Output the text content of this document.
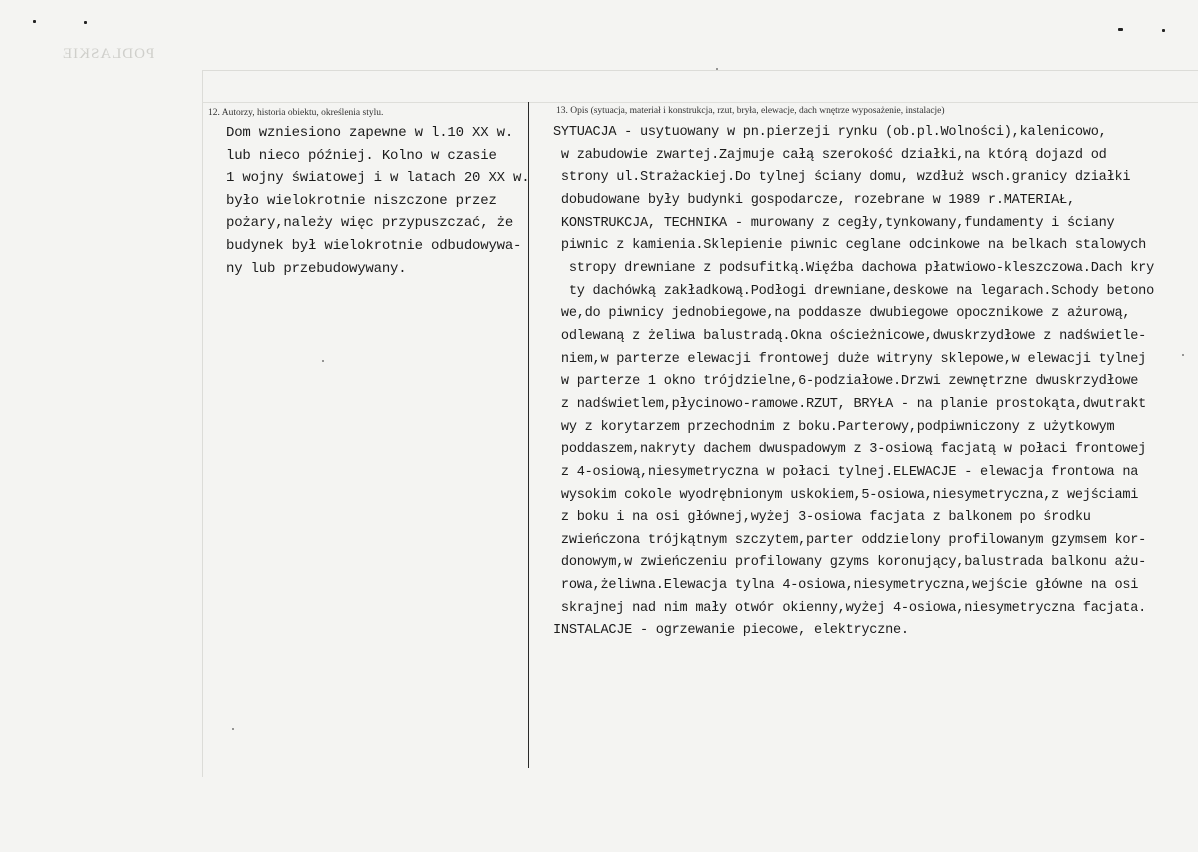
PODLASKIE
12. Autorzy, historia obiektu, określenia stylu.	13. Opis (sytuacja, materiał i konstrukcja, rzut, bryła, elewacje, dach wnętrze wyposażenie, instalacje)
Dom wzniesiono zapewne w l.10 XX w.
lub nieco później. Kolno w czasie
1 wojny światowej i w latach 20 XX w.
było wielokrotnie niszczone przez
pożary,należy więc przypuszczać, że
budynek był wielokrotnie odbudowywa-
ny lub przebudowywany.
SYTUACJA - usytuowany w pn.pierzeji rynku (ob.pl.Wolności),kalenicowo,
w zabudowie zwartej.Zajmuje całą szerokość działki,na którą dojazd od
strony ul.Strażackiej.Do tylnej ściany domu, wzdłuż wsch.granicy działki
dobudowane były budynki gospodarcze, rozebrane w 1989 r.MATERIAŁ,
KONSTRUKCJA, TECHNIKA - murowany z cegły,tynkowany,fundamenty i ściany
piwnic z kamienia.Sklepienie piwnic ceglane odcinkowe na belkach stalowych
stropy drewniane z podsufitką.Więźba dachowa płatwiowo-kleszczowa.Dach kry
ty dachówką zakładkową.Podłogi drewniane,deskowe na legarach.Schody betono
we,do piwnicy jednobiegowe,na poddasze dwubiegowe opocznikowe z ażurową,
odlewaną z żeliwa balustradą.Okna ościeżnicowe,dwuskrzydłowe z nadświetle-
niem,w parterze elewacji frontowej duże witryny sklepowe,w elewacji tylnej
w parterze 1 okno trójdzielne,6-podziałowe.Drzwi zewnętrzne dwuskrzydłowe
z nadświetlem,płycinowo-ramowe.RZUT, BRYŁA - na planie prostokąta,dwutrakt
wy z korytarzem przechodnim z boku.Parterowy,podpiwniczony z użytkowym
poddaszem,nakryty dachem dwuspadowym z 3-osiową facjatą w połaci frontowej
z 4-osiową,niesymetryczna w połaci tylnej.ELEWACJE - elewacja frontowa na
wysokim cokole wyodrębnionym uskokiem,5-osiowa,niesymetryczna,z wejściami
z boku i na osi głównej,wyżej 3-osiowa facjata z balkonem po środku
zwieńczona trójkątnym szczytem,parter oddzielony profilowanym gzymsem kor-
donowym,w zwieńczeniu profilowany gzyms koronujący,balustrada balkonu ażu-
rowa,żeliwna.Elewacja tylna 4-osiowa,niesymetryczna,wejście główne na osi
skrajnej nad nim mały otwór okienny,wyżej 4-osiowa,niesymetryczna facjata.
INSTALACJE - ogrzewanie piecowe, elektryczne.
